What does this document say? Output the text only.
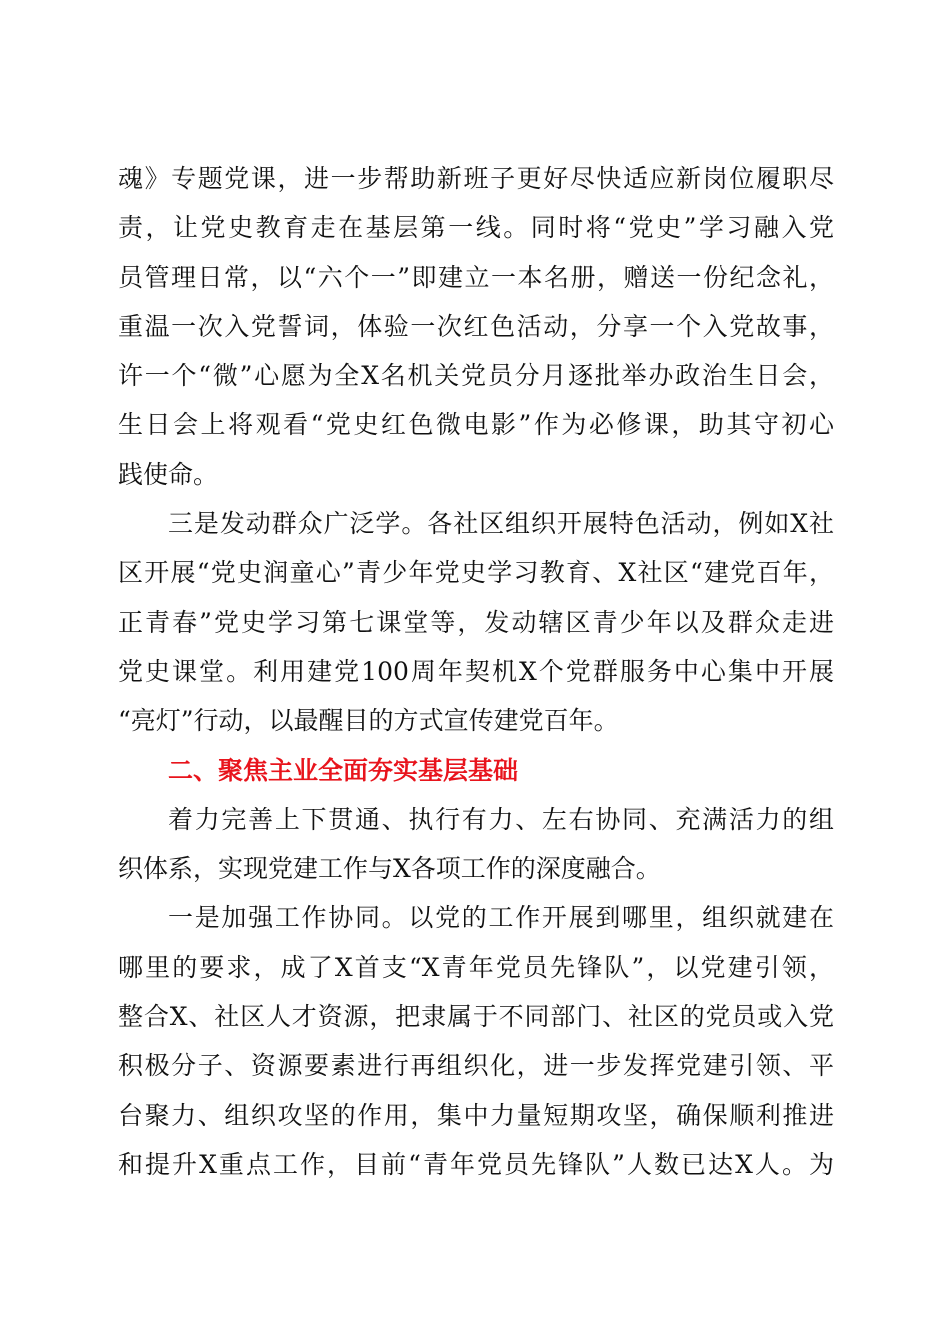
魂》专题党课，进一步帮助新班子更好尽快适应新岗位履职尽
责，让党史教育走在基层第一线。同时将“党史”学习融入党
员管理日常，以“六个一”即建立一本名册，赠送一份纪念礼，
重温一次入党誓词，体验一次红色活动，分享一个入党故事，
许一个“微”心愿为全X名机关党员分月逐批举办政治生日会，
生日会上将观看“党史红色微电影”作为必修课，助其守初心
践使命。
三是发动群众广泛学。各社区组织开展特色活动，例如X社
区开展“党史润童心”青少年党史学习教育、X社区“建党百年，
正青春”党史学习第七课堂等，发动辖区青少年以及群众走进
党史课堂。利用建党100周年契机X个党群服务中心集中开展
“亮灯”行动，以最醒目的方式宣传建党百年。
二、聚焦主业全面夯实基层基础
着力完善上下贯通、执行有力、左右协同、充满活力的组
织体系，实现党建工作与X各项工作的深度融合。
一是加强工作协同。以党的工作开展到哪里，组织就建在
哪里的要求，成了X首支“X青年党员先锋队”，以党建引领，
整合X、社区人才资源，把隶属于不同部门、社区的党员或入党
积极分子、资源要素进行再组织化，进一步发挥党建引领、平
台聚力、组织攻坚的作用，集中力量短期攻坚，确保顺利推进
和提升X重点工作，目前“青年党员先锋队”人数已达X人。为
